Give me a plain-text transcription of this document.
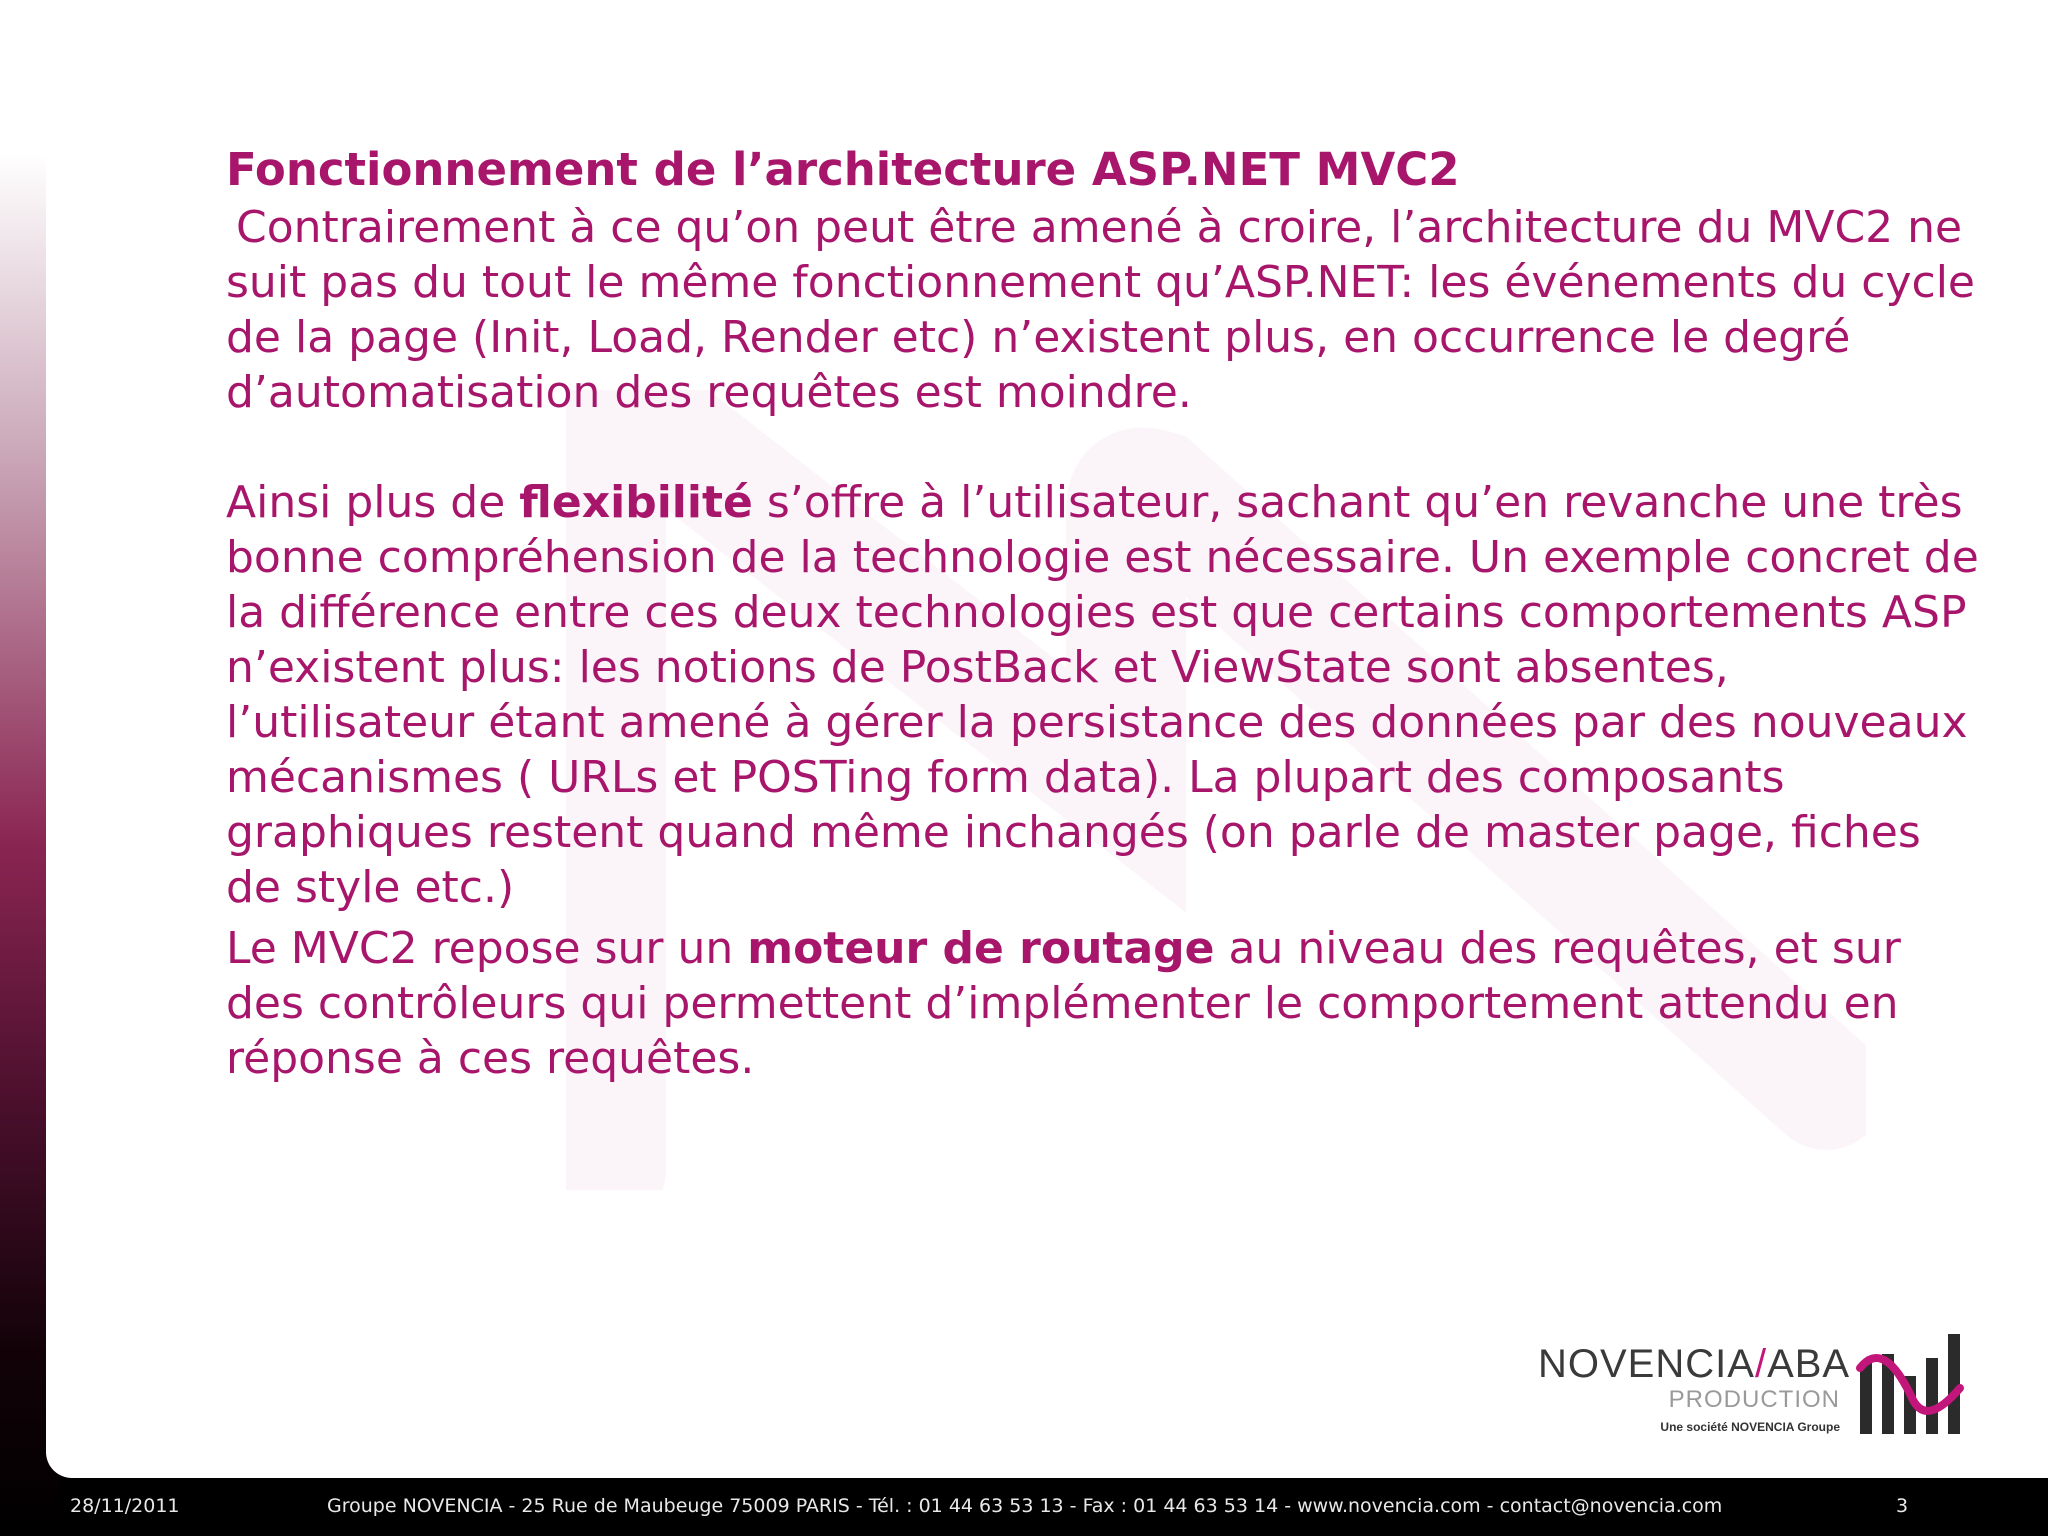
Fonctionnement de l’architecture ASP.NET MVC2

Contrairement à ce qu’on peut être amené à croire, l’architecture du MVC2 ne suit pas du tout le même fonctionnement qu’ASP.NET: les événements du cycle de la page (Init, Load, Render etc) n’existent plus, en occurrence le degré d’automatisation des requêtes est moindre.

Ainsi plus de flexibilité s’offre à l’utilisateur, sachant qu’en revanche une très bonne compréhension de la technologie est nécessaire. Un exemple concret de la différence entre ces deux technologies est que certains comportements ASP n’existent plus: les notions de PostBack et ViewState sont absentes, l’utilisateur étant amené à gérer la persistance des données par des nouveaux mécanismes ( URLs et POSTing form data). La plupart des composants graphiques restent quand même inchangés (on parle de master page, fiches de style etc.)

Le MVC2 repose sur un moteur de routage au niveau des requêtes, et sur des contrôleurs qui permettent d’implémenter le comportement attendu en réponse à ces requêtes.

NOVENCIA/ABA
PRODUCTION
Une société NOVENCIA Groupe
28/11/2011	Groupe NOVENCIA - 25 Rue de Maubeuge 75009 PARIS - Tél. : 01 44 63 53 13 - Fax : 01 44 63 53 14 - www.novencia.com - contact@novencia.com	3
